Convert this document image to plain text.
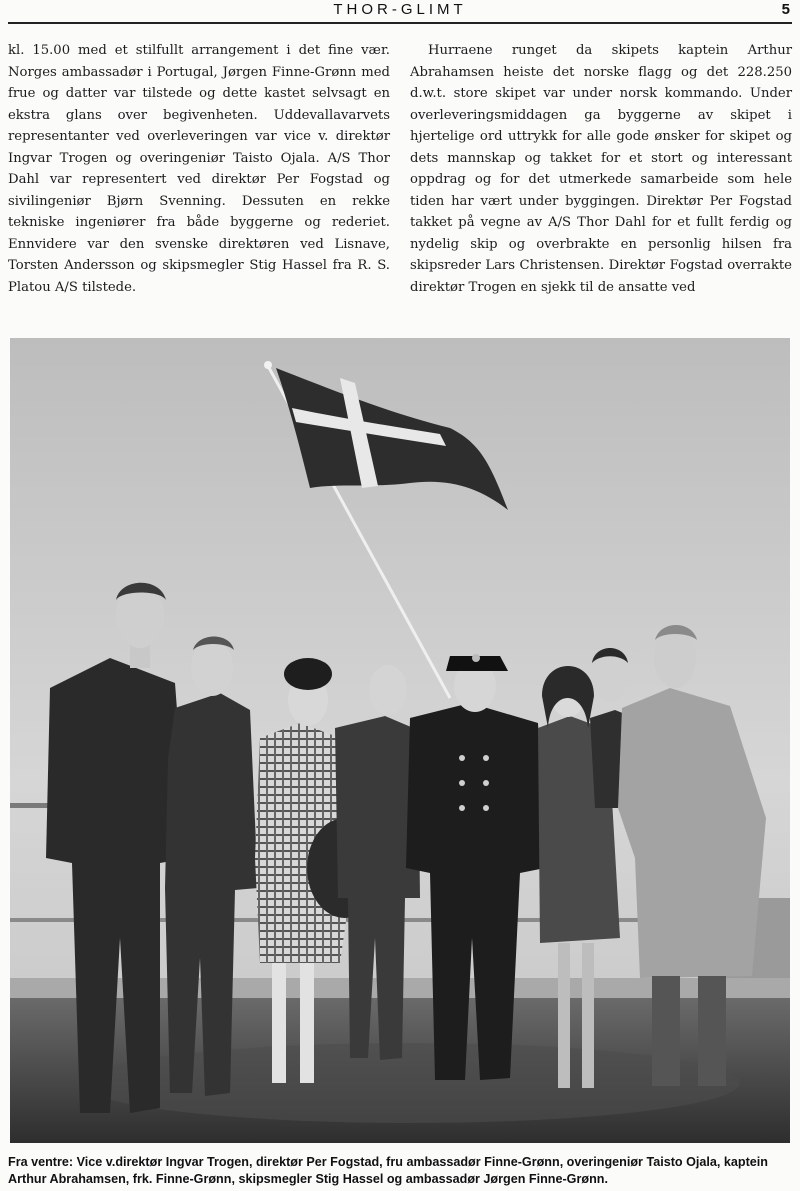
THOR-GLIMT	5

kl. 15.00 med et stilfullt arrangement i det fine vær. Norges ambassadør i Portugal, Jørgen Finne-Grønn med frue og datter var tilstede og dette kastet selvsagt en ekstra glans over begivenheten. Uddevallavarvets representanter ved overleveringen var vice v. direktør Ingvar Trogen og overingeniør Taisto Ojala. A/S Thor Dahl var representert ved direktør Per Fogstad og sivilingeniør Bjørn Svenning. Dessuten en rekke tekniske ingeniører fra både byggerne og rederiet. Ennvidere var den svenske direktøren ved Lisnave, Torsten Andersson og skipsmegler Stig Hassel fra R. S. Platou A/S tilstede.

Hurraene runget da skipets kaptein Arthur Abrahamsen heiste det norske flagg og det 228.250 d.w.t. store skipet var under norsk kommando. Under overleveringsmiddagen ga byggerne av skipet i hjertelige ord uttrykk for alle gode ønsker for skipet og dets mannskap og takket for et stort og interessant oppdrag og for det utmerkede samarbeide som hele tiden har vært under byggingen. Direktør Per Fogstad takket på vegne av A/S Thor Dahl for et fullt ferdig og nydelig skip og overbrakte en personlig hilsen fra skipsreder Lars Christensen. Direktør Fogstad overrakte direktør Trogen en sjekk til de ansatte ved

Fra ventre: Vice v.direktør Ingvar Trogen, direktør Per Fogstad, fru ambassadør Finne-Grønn, overingeniør Taisto Ojala, kaptein Arthur Abrahamsen, frk. Finne-Grønn, skipsmegler Stig Hassel og ambassadør Jørgen Finne-Grønn.
